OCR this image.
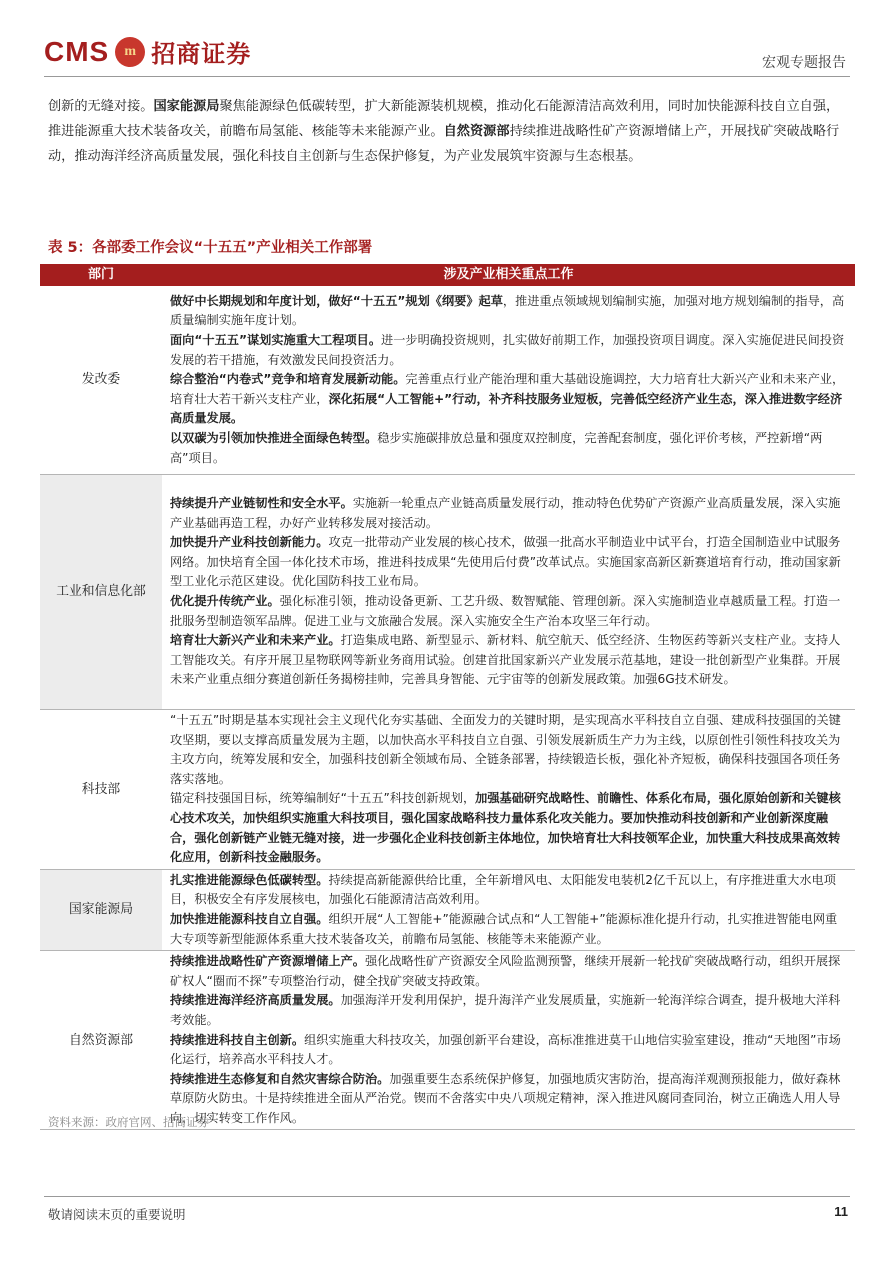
CMS	m 招商证券	宏观专题报告

创新的无缝对接。国家能源局聚焦能源绿色低碳转型，扩大新能源装机规模，推动化石能源清洁高效利用，同时加快能源科技自立自强，推进能源重大技术装备攻关，前瞻布局氢能、核能等未来能源产业。自然资源部持续推进战略性矿产资源增储上产，开展找矿突破战略行动，推动海洋经济高质量发展，强化科技自主创新与生态保护修复，为产业发展筑牢资源与生态根基。

表 5：各部委工作会议“十五五”产业相关工作部署
部门	涉及产业相关重点工作
发改委	做好中长期规划和年度计划，做好“十五五”规划《纲要》起草，推进重点领域规划编制实施，加强对地方规划编制的指导，高质量编制实施年度计划。

面向“十五五”谋划实施重大工程项目。进一步明确投资规则，扎实做好前期工作，加强投资项目调度。深入实施促进民间投资发展的若干措施，有效激发民间投资活力。

综合整治“内卷式”竞争和培育发展新动能。完善重点行业产能治理和重大基础设施调控，大力培育壮大新兴产业和未来产业，培育壮大若干新兴支柱产业，深化拓展“人工智能+”行动，补齐科技服务业短板，完善低空经济产业生态，深入推进数字经济高质量发展。

以双碳为引领加快推进全面绿色转型。稳步实施碳排放总量和强度双控制度，完善配套制度，强化评价考核，严控新增“两高”项目。

工业和信息化部	持续提升产业链韧性和安全水平。实施新一轮重点产业链高质量发展行动，推动特色优势矿产资源产业高质量发展，深入实施产业基础再造工程，办好产业转移发展对接活动。

加快提升产业科技创新能力。攻克一批带动产业发展的核心技术，做强一批高水平制造业中试平台，打造全国制造业中试服务网络。加快培育全国一体化技术市场，推进科技成果“先使用后付费”改革试点。实施国家高新区新赛道培育行动，推动国家新型工业化示范区建设。优化国防科技工业布局。

优化提升传统产业。强化标准引领，推动设备更新、工艺升级、数智赋能、管理创新。深入实施制造业卓越质量工程。打造一批服务型制造领军品牌。促进工业与文旅融合发展。深入实施安全生产治本攻坚三年行动。

培育壮大新兴产业和未来产业。打造集成电路、新型显示、新材料、航空航天、低空经济、生物医药等新兴支柱产业。支持人工智能攻关。有序开展卫星物联网等新业务商用试验。创建首批国家新兴产业发展示范基地，建设一批创新型产业集群。开展未来产业重点细分赛道创新任务揭榜挂帅，完善具身智能、元宇宙等的创新发展政策。加强6G技术研发。

科技部	“十五五”时期是基本实现社会主义现代化夯实基础、全面发力的关键时期，是实现高水平科技自立自强、建成科技强国的关键攻坚期，要以支撑高质量发展为主题，以加快高水平科技自立自强、引领发展新质生产力为主线，以原创性引领性科技攻关为主攻方向，统筹发展和安全，加强科技创新全领域布局、全链条部署，持续锻造长板，强化补齐短板，确保科技强国各项任务落实落地。

锚定科技强国目标，统筹编制好“十五五”科技创新规划，加强基础研究战略性、前瞻性、体系化布局，强化原始创新和关键核心技术攻关，加快组织实施重大科技项目，强化国家战略科技力量体系化攻关能力。要加快推动科技创新和产业创新深度融合，强化创新链产业链无缝对接，进一步强化企业科技创新主体地位，加快培育壮大科技领军企业，加快重大科技成果高效转化应用，创新科技金融服务。

国家能源局	扎实推进能源绿色低碳转型。持续提高新能源供给比重，全年新增风电、太阳能发电装机2亿千瓦以上，有序推进重大水电项目，积极安全有序发展核电，加强化石能源清洁高效利用。

加快推进能源科技自立自强。组织开展“人工智能+”能源融合试点和“人工智能+”能源标准化提升行动，扎实推进智能电网重大专项等新型能源体系重大技术装备攻关，前瞻布局氢能、核能等未来能源产业。

自然资源部	持续推进战略性矿产资源增储上产。强化战略性矿产资源安全风险监测预警，继续开展新一轮找矿突破战略行动，组织开展探矿权人“圈而不探”专项整治行动，健全找矿突破支持政策。

持续推进海洋经济高质量发展。加强海洋开发利用保护，提升海洋产业发展质量，实施新一轮海洋综合调查，提升极地大洋科考效能。

持续推进科技自主创新。组织实施重大科技攻关，加强创新平台建设，高标准推进莫干山地信实验室建设，推动“天地图”市场化运行，培养高水平科技人才。

持续推进生态修复和自然灾害综合防治。加强重要生态系统保护修复，加强地质灾害防治，提高海洋观测预报能力，做好森林草原防火防虫。十是持续推进全面从严治党。锲而不舍落实中央八项规定精神，深入推进风腐同查同治，树立正确选人用人导向，切实转变工作作风。

资料来源：政府官网、招商证券
敬请阅读末页的重要说明	11
